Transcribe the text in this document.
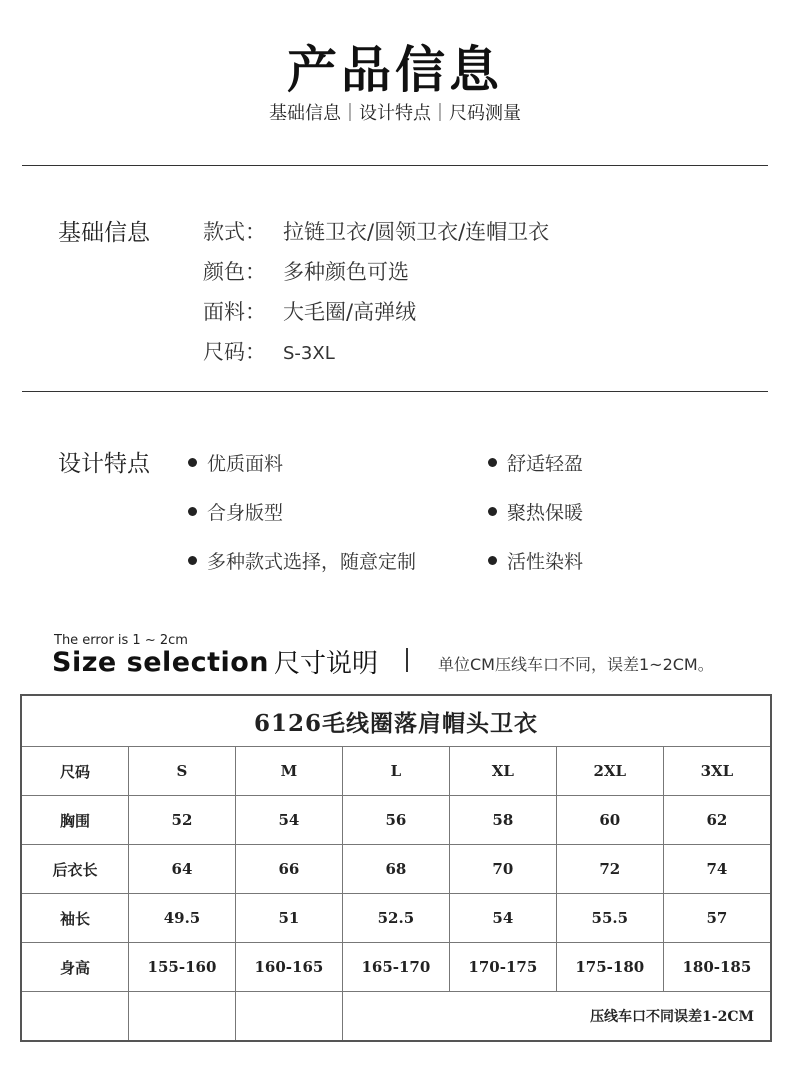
产品信息
基础信息｜设计特点｜尺码测量
基础信息	款式： 拉链卫衣/圆领卫衣/连帽卫衣
颜色： 多种颜色可选
面料： 大毛圈/高弹绒
尺码： S-3XL
设计特点	优质面料	舒适轻盈
合身版型	聚热保暖
多种款式选择，随意定制	活性染料
The error is 1 ~ 2cm
Size selection 尺寸说明	单位CM压线车口不同，误差1~2CM。
6126毛线圈落肩帽头卫衣						
尺码	S	M	L	XL	2XL	3XL
胸围	52	54	56	58	60	62
后衣长	64	66	68	70	72	74
袖长	49.5	51	52.5	54	55.5	57
身高	155-160	160-165	165-170	170-175	175-180	180-185
			压线车口不同误差1-2CM			
